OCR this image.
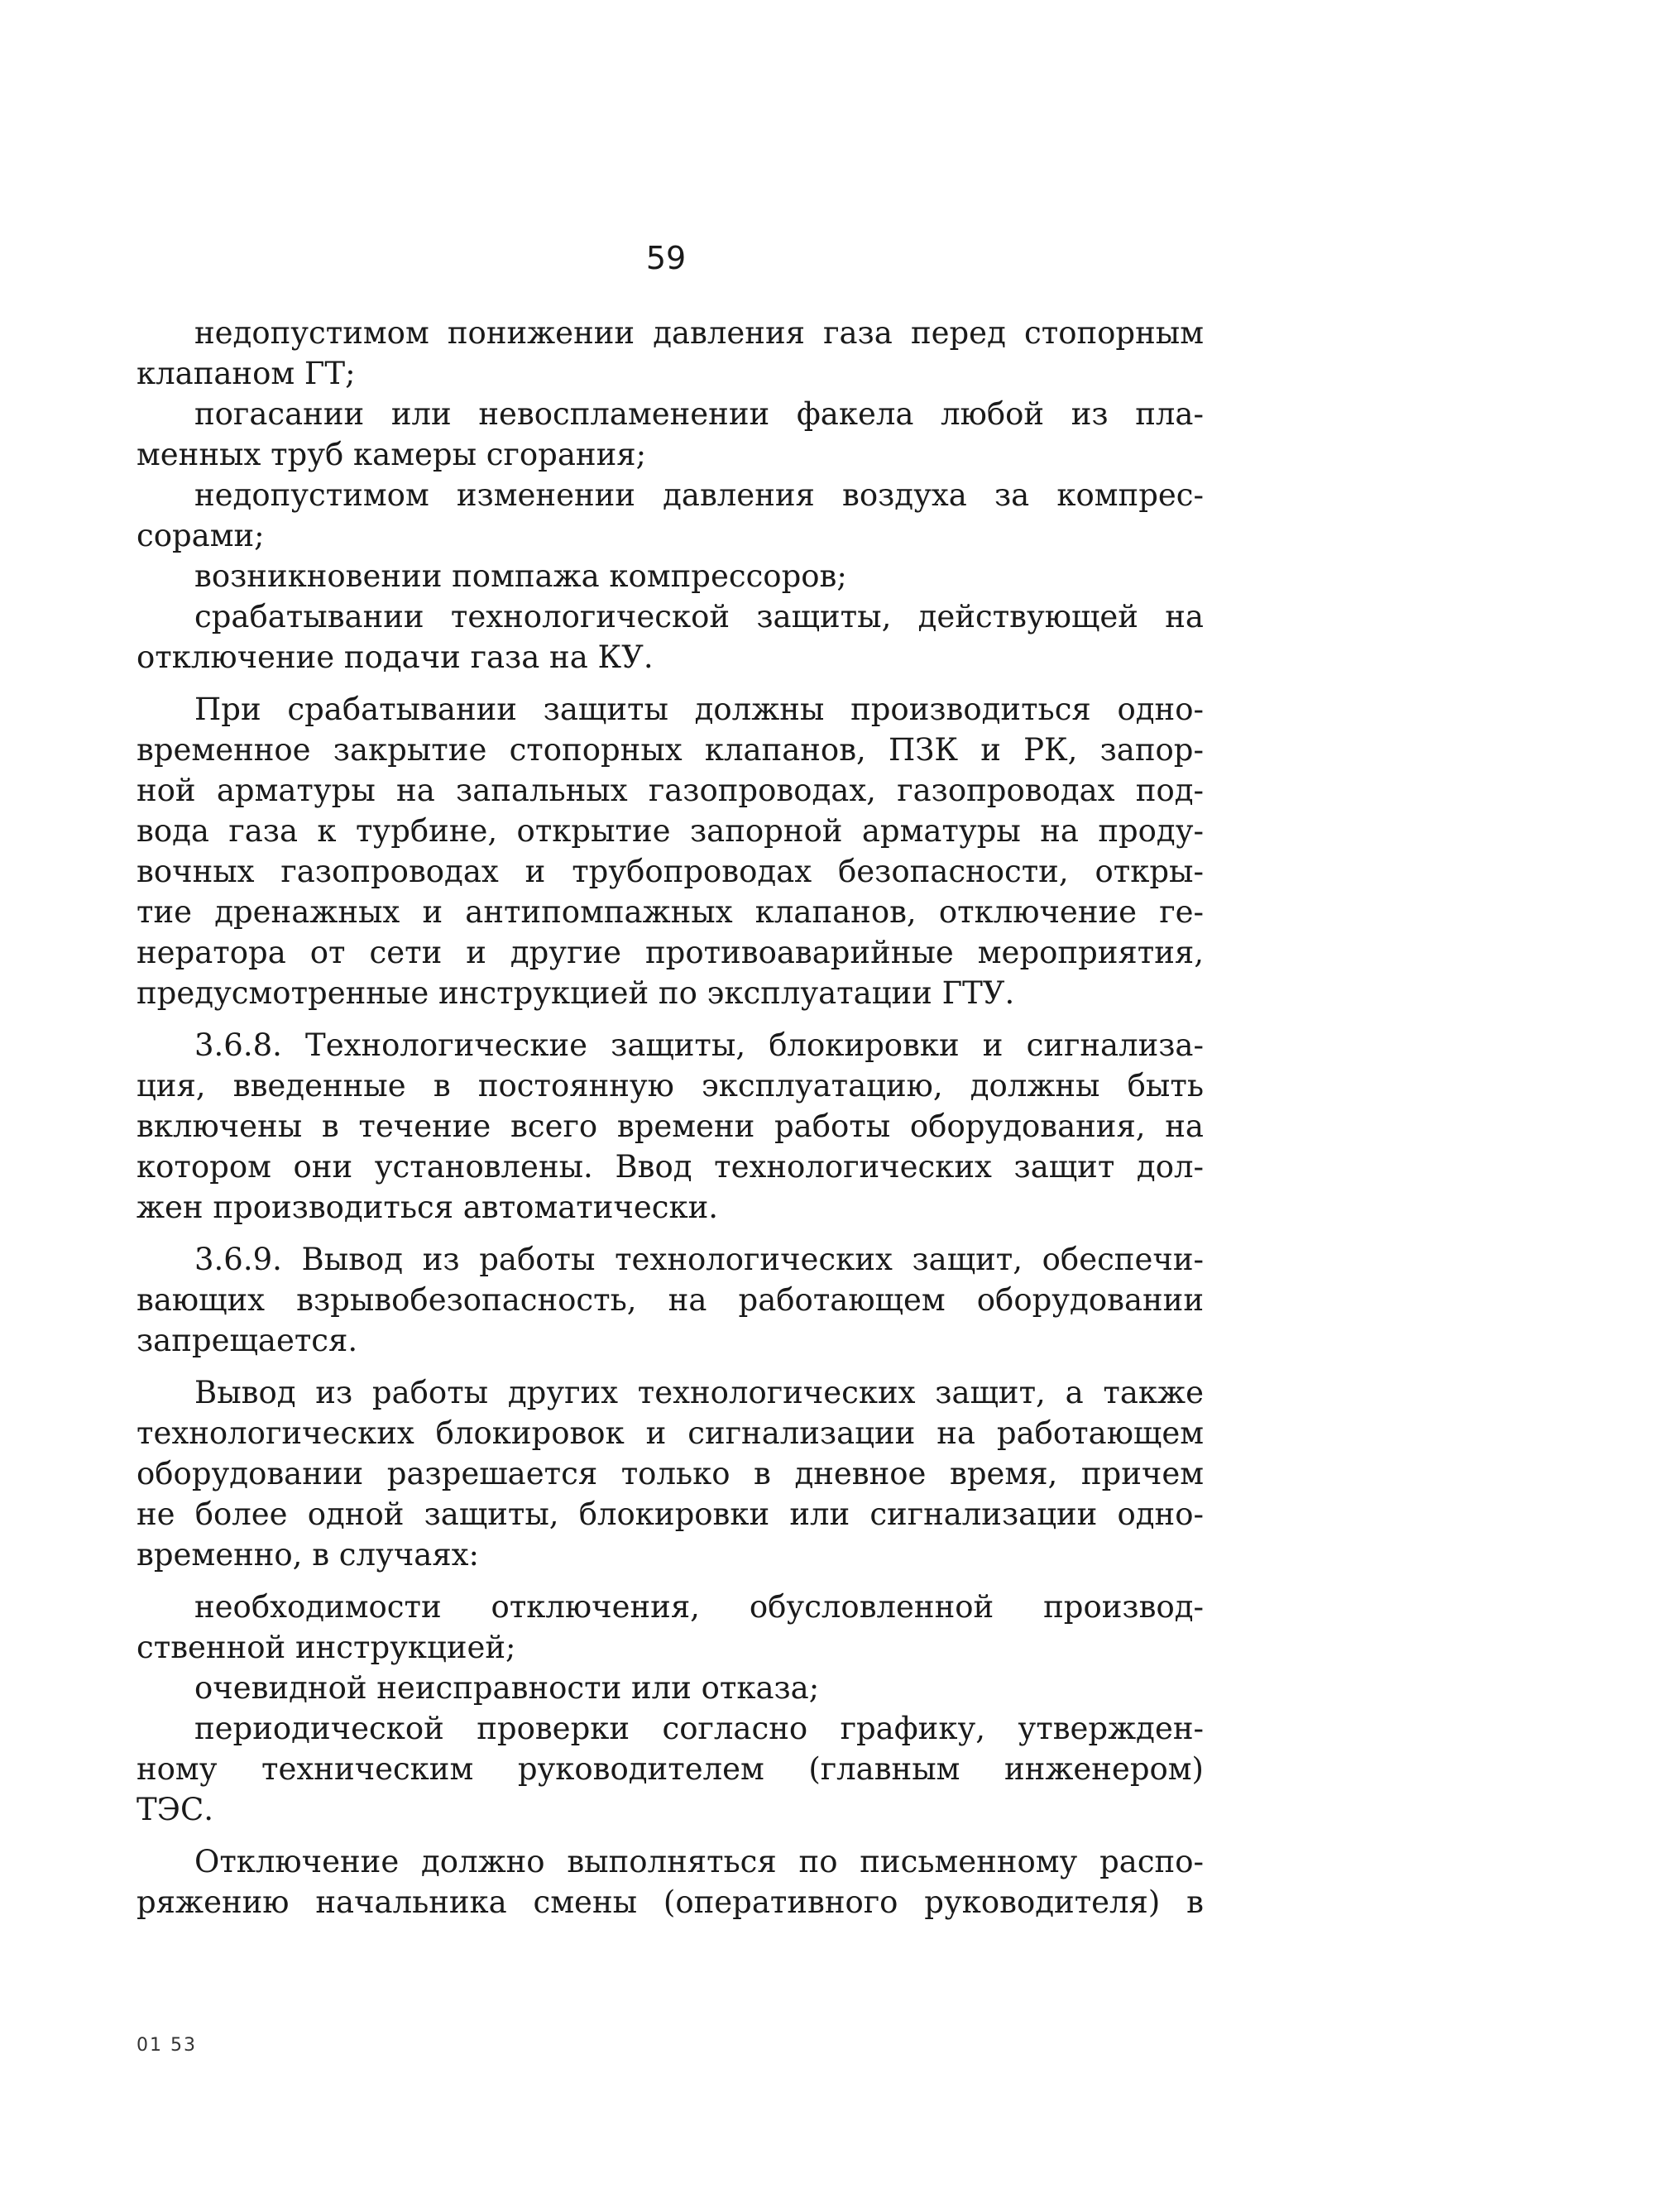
59
недопустимом понижении давления газа перед стопорным
клапаном ГТ;
погасании или невоспламенении факела любой из пла-
менных труб камеры сгорания;
недопустимом изменении давления воздуха за компрес-
сорами;
возникновении помпажа компрессоров;
срабатывании технологической защиты, действующей на
отключение подачи газа на КУ.
При срабатывании защиты должны производиться одно-
временное закрытие стопорных клапанов, ПЗК и РК, запор-
ной арматуры на запальных газопроводах, газопроводах под-
вода газа к турбине, открытие запорной арматуры на проду-
вочных газопроводах и трубопроводах безопасности, откры-
тие дренажных и антипомпажных клапанов, отключение ге-
нератора от сети и другие противоаварийные мероприятия,
предусмотренные инструкцией по эксплуатации ГТУ.
3.6.8. Технологические защиты, блокировки и сигнализа-
ция, введенные в постоянную эксплуатацию, должны быть
включены в течение всего времени работы оборудования, на
котором они установлены. Ввод технологических защит дол-
жен производиться автоматически.
3.6.9. Вывод из работы технологических защит, обеспечи-
вающих взрывобезопасность, на работающем оборудовании
запрещается.
Вывод из работы других технологических защит, а также
технологических блокировок и сигнализации на работающем
оборудовании разрешается только в дневное время, причем
не более одной защиты, блокировки или сигнализации одно-
временно, в случаях:
необходимости отключения, обусловленной производ-
ственной инструкцией;
очевидной неисправности или отказа;
периодической проверки согласно графику, утвержден-
ному техническим руководителем (главным инженером)
ТЭС.
Отключение должно выполняться по письменному распо-
ряжению начальника смены (оперативного руководителя) в
01 53
